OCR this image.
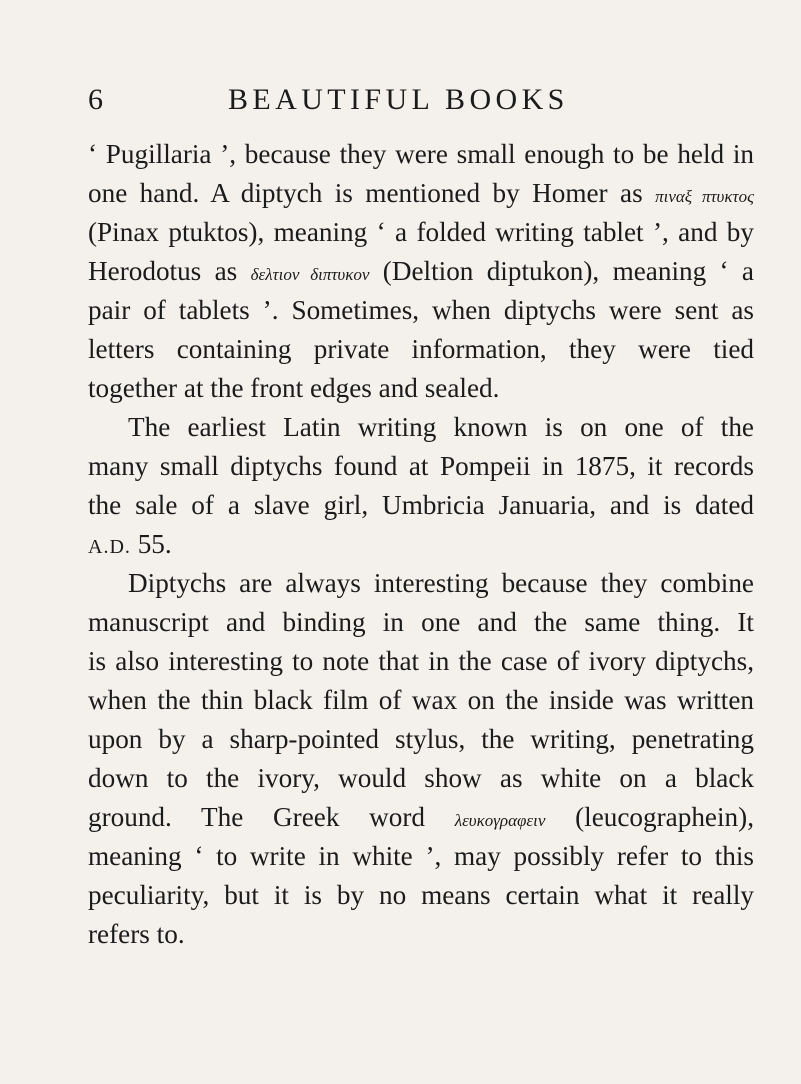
6	BEAUTIFUL BOOKS
‘ Pugillaria ’, because they were small enough to be held in
one hand. A diptych is mentioned by Homer as πιναξ πτυκτος
(Pinax ptuktos), meaning ‘ a folded writing tablet ’, and by
Herodotus as δελτιον διπτυκον (Deltion diptukon), meaning ‘ a
pair of tablets ’. Sometimes, when diptychs were sent as
letters containing private information, they were tied
together at the front edges and sealed.
The earliest Latin writing known is on one of the
many small diptychs found at Pompeii in 1875, it records
the sale of a slave girl, Umbricia Januaria, and is dated
A.D. 55.
Diptychs are always interesting because they combine
manuscript and binding in one and the same thing. It
is also interesting to note that in the case of ivory diptychs,
when the thin black film of wax on the inside was written
upon by a sharp-pointed stylus, the writing, penetrating
down to the ivory, would show as white on a black
ground. The Greek word λευκογραφειν (leucographein),
meaning ‘ to write in white ’, may possibly refer to this
peculiarity, but it is by no means certain what it really
refers to.
